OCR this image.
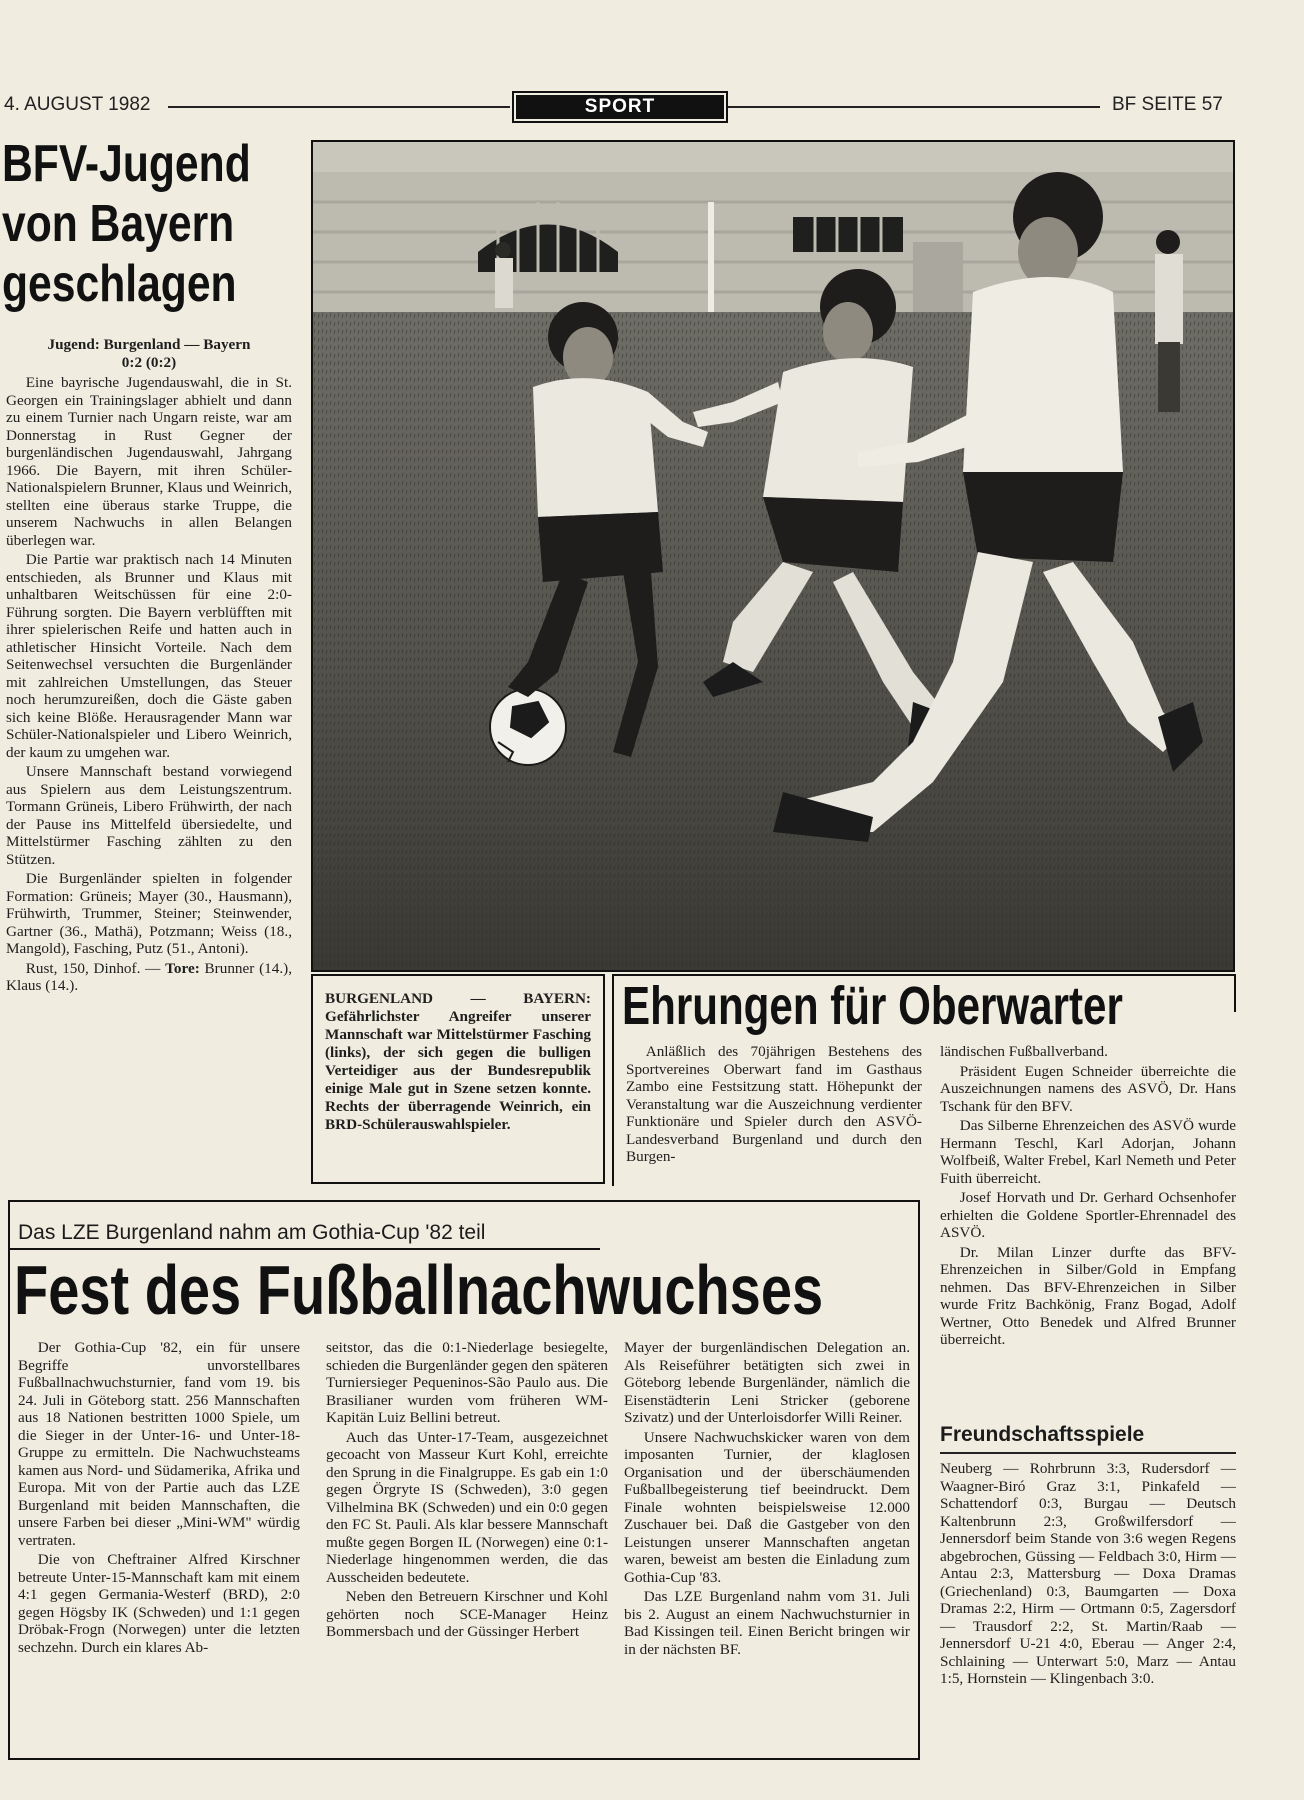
4. AUGUST 1982	SPORT	BF SEITE 57
BFV-Jugend
von Bayern
geschlagen
Jugend: Burgenland — Bayern
0:2 (0:2)

Eine bayrische Jugendauswahl, die in St. Georgen ein Trainingslager abhielt und dann zu einem Turnier nach Ungarn reiste, war am Donnerstag in Rust Gegner der burgenländischen Jugendauswahl, Jahrgang 1966. Die Bayern, mit ihren Schüler-Nationalspielern Brunner, Klaus und Weinrich, stellten eine überaus starke Truppe, die unserem Nachwuchs in allen Belangen überlegen war.

Die Partie war praktisch nach 14 Minuten entschieden, als Brunner und Klaus mit unhaltbaren Weitschüssen für eine 2:0-Führung sorgten. Die Bayern verblüfften mit ihrer spielerischen Reife und hatten auch in athletischer Hinsicht Vorteile. Nach dem Seitenwechsel versuchten die Burgenländer mit zahlreichen Umstellungen, das Steuer noch herumzureißen, doch die Gäste gaben sich keine Blöße. Herausragender Mann war Schüler-Nationalspieler und Libero Weinrich, der kaum zu umgehen war.

Unsere Mannschaft bestand vorwiegend aus Spielern aus dem Leistungszentrum. Tormann Grüneis, Libero Frühwirth, der nach der Pause ins Mittelfeld übersiedelte, und Mittelstürmer Fasching zählten zu den Stützen.

Die Burgenländer spielten in folgender Formation: Grüneis; Mayer (30., Hausmann), Frühwirth, Trummer, Steiner; Steinwender, Gartner (36., Mathä), Potzmann; Weiss (18., Mangold), Fasching, Putz (51., Antoni).

Rust, 150, Dinhof. — Tore: Brunner (14.), Klaus (14.).

BURGENLAND — BAYERN: Gefährlichster Angreifer unserer Mannschaft war Mittelstürmer Fasching (links), der sich gegen die bulligen Verteidiger aus der Bundesrepublik einige Male gut in Szene setzen konnte. Rechts der überragende Weinrich, ein BRD-Schülerauswahlspieler.
Ehrungen für Oberwarter

Anläßlich des 70jährigen Bestehens des Sportvereines Oberwart fand im Gasthaus Zambo eine Festsitzung statt. Höhepunkt der Veranstaltung war die Auszeichnung verdienter Funktionäre und Spieler durch den ASVÖ-Landesverband Burgenland und durch den Burgen-

ländischen Fußballverband.

Präsident Eugen Schneider überreichte die Auszeichnungen namens des ASVÖ, Dr. Hans Tschank für den BFV.

Das Silberne Ehrenzeichen des ASVÖ wurde Hermann Teschl, Karl Adorjan, Johann Wolfbeiß, Walter Frebel, Karl Nemeth und Peter Fuith überreicht.

Josef Horvath und Dr. Gerhard Ochsenhofer erhielten die Goldene Sportler-Ehrennadel des ASVÖ.

Dr. Milan Linzer durfte das BFV-Ehrenzeichen in Silber/Gold in Empfang nehmen. Das BFV-Ehrenzeichen in Silber wurde Fritz Bachkönig, Franz Bogad, Adolf Wertner, Otto Benedek und Alfred Brunner überreicht.

Das LZE Burgenland nahm am Gothia-Cup '82 teil
Fest des Fußballnachwuchses

Der Gothia-Cup '82, ein für unsere Begriffe unvorstellbares Fußballnachwuchsturnier, fand vom 19. bis 24. Juli in Göteborg statt. 256 Mannschaften aus 18 Nationen bestritten 1000 Spiele, um die Sieger in der Unter-16- und Unter-18-Gruppe zu ermitteln. Die Nachwuchsteams kamen aus Nord- und Südamerika, Afrika und Europa. Mit von der Partie auch das LZE Burgenland mit beiden Mannschaften, die unsere Farben bei dieser „Mini-WM" würdig vertraten.

Die von Cheftrainer Alfred Kirschner betreute Unter-15-Mannschaft kam mit einem 4:1 gegen Germania-Westerf (BRD), 2:0 gegen Högsby IK (Schweden) und 1:1 gegen Dröbak-Frogn (Norwegen) unter die letzten sechzehn. Durch ein klares Ab-

seitstor, das die 0:1-Niederlage besiegelte, schieden die Burgenländer gegen den späteren Turniersieger Pequeninos-São Paulo aus. Die Brasilianer wurden vom früheren WM-Kapitän Luiz Bellini betreut.

Auch das Unter-17-Team, ausgezeichnet gecoacht von Masseur Kurt Kohl, erreichte den Sprung in die Finalgruppe. Es gab ein 1:0 gegen Örgryte IS (Schweden), 3:0 gegen Vilhelmina BK (Schweden) und ein 0:0 gegen den FC St. Pauli. Als klar bessere Mannschaft mußte gegen Borgen IL (Norwegen) eine 0:1-Niederlage hingenommen werden, die das Ausscheiden bedeutete.

Neben den Betreuern Kirschner und Kohl gehörten noch SCE-Manager Heinz Bommersbach und der Güssinger Herbert

Mayer der burgenländischen Delegation an. Als Reiseführer betätigten sich zwei in Göteborg lebende Burgenländer, nämlich die Eisenstädterin Leni Stricker (geborene Szivatz) und der Unterloisdorfer Willi Reiner.

Unsere Nachwuchskicker waren von dem imposanten Turnier, der klaglosen Organisation und der überschäumenden Fußballbegeisterung tief beeindruckt. Dem Finale wohnten beispielsweise 12.000 Zuschauer bei. Daß die Gastgeber von den Leistungen unserer Mannschaften angetan waren, beweist am besten die Einladung zum Gothia-Cup '83.

Das LZE Burgenland nahm vom 31. Juli bis 2. August an einem Nachwuchsturnier in Bad Kissingen teil. Einen Bericht bringen wir in der nächsten BF.

Freundschaftsspiele

Neuberg — Rohrbrunn 3:3, Rudersdorf — Waagner-Biró Graz 3:1, Pinkafeld — Schattendorf 0:3, Burgau — Deutsch Kaltenbrunn 2:3, Großwilfersdorf — Jennersdorf beim Stande von 3:6 wegen Regens abgebrochen, Güssing — Feldbach 3:0, Hirm — Antau 2:3, Mattersburg — Doxa Dramas (Griechenland) 0:3, Baumgarten — Doxa Dramas 2:2, Hirm — Ortmann 0:5, Zagersdorf — Trausdorf 2:2, St. Martin/Raab — Jennersdorf U-21 4:0, Eberau — Anger 2:4, Schlaining — Unterwart 5:0, Marz — Antau 1:5, Hornstein — Klingenbach 3:0.
